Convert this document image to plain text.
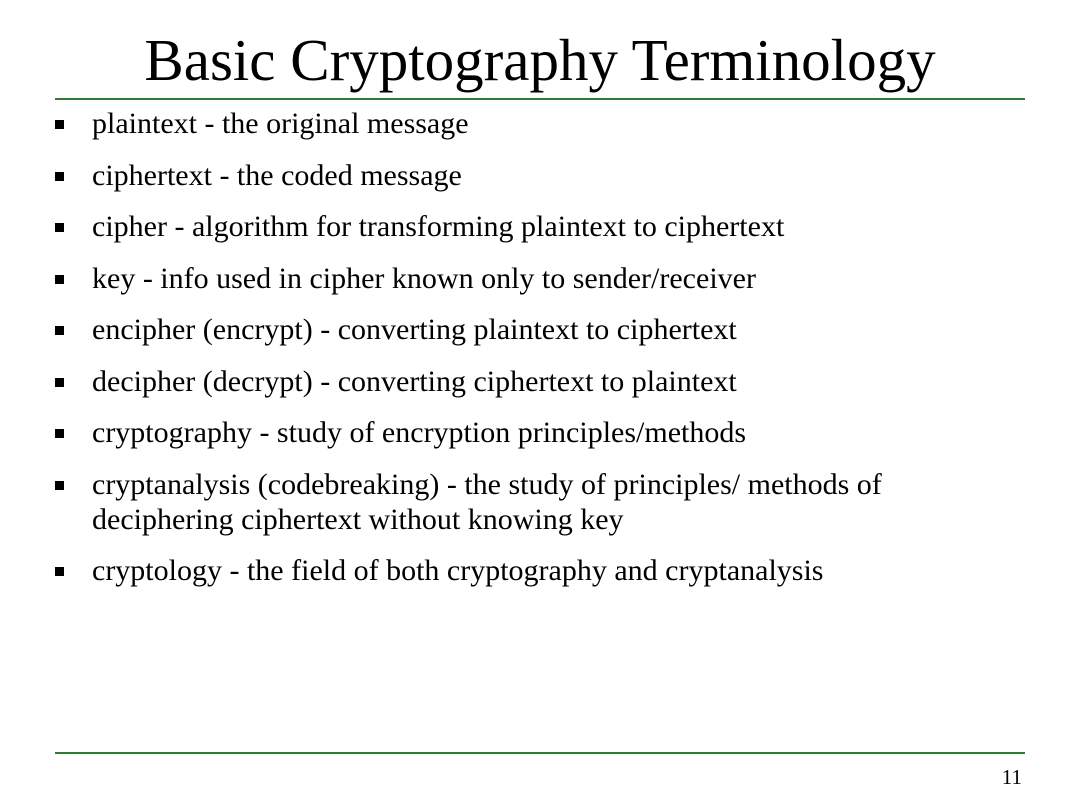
Basic Cryptography Terminology
plaintext - the original message
ciphertext - the coded message
cipher - algorithm for transforming plaintext to ciphertext
key - info used in cipher known only to sender/receiver
encipher (encrypt) - converting plaintext to ciphertext
decipher (decrypt) - converting ciphertext to plaintext
cryptography - study of encryption principles/methods
cryptanalysis (codebreaking) - the study of principles/ methods of deciphering ciphertext without knowing key
cryptology - the field of both cryptography and cryptanalysis
11
